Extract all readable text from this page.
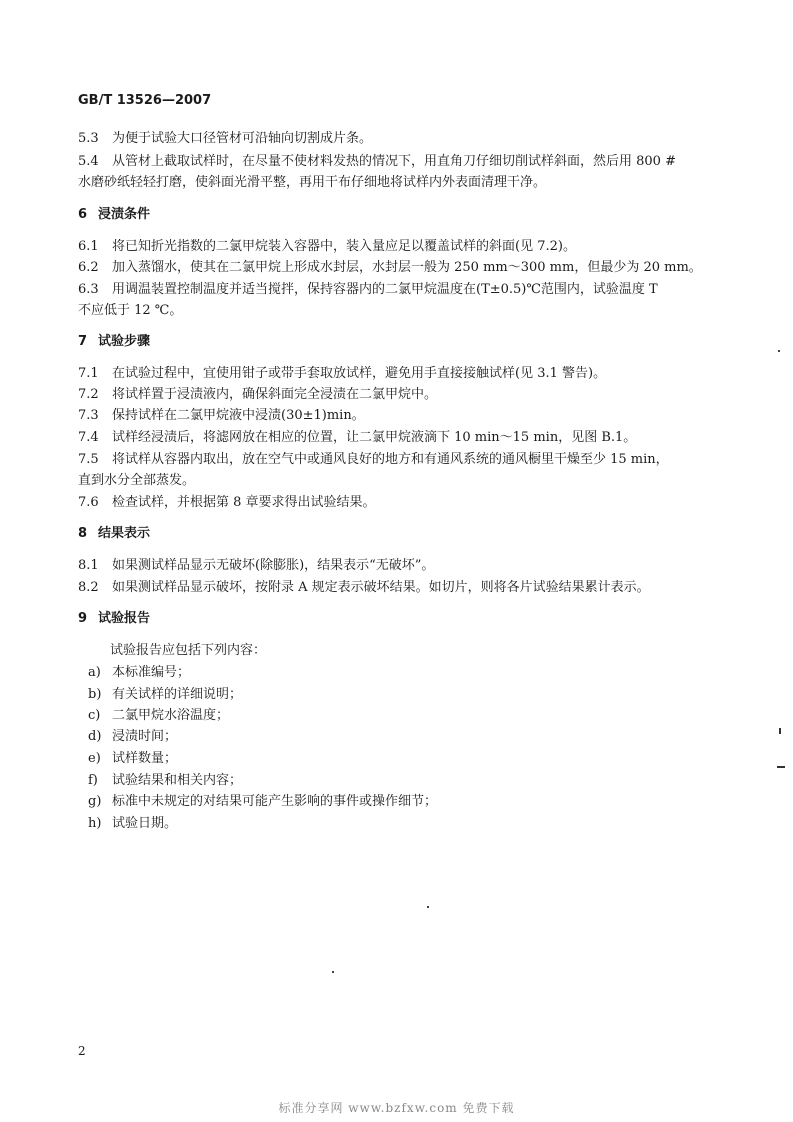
GB/T 13526—2007
5.3 为便于试验大口径管材可沿轴向切割成片条。
5.4 从管材上截取试样时，在尽量不使材料发热的情况下，用直角刀仔细切削试样斜面，然后用 800 #
水磨砂纸轻轻打磨，使斜面光滑平整，再用干布仔细地将试样内外表面清理干净。
6 浸渍条件
6.1 将已知折光指数的二氯甲烷装入容器中，装入量应足以覆盖试样的斜面(见 7.2)。
6.2 加入蒸馏水，使其在二氯甲烷上形成水封层，水封层一般为 250 mm～300 mm，但最少为 20 mm。
6.3 用调温装置控制温度并适当搅拌，保持容器内的二氯甲烷温度在(T±0.5)℃范围内，试验温度 T
不应低于 12 ℃。
7 试验步骤
7.1 在试验过程中，宜使用钳子或带手套取放试样，避免用手直接接触试样(见 3.1 警告)。
7.2 将试样置于浸渍液内，确保斜面完全浸渍在二氯甲烷中。
7.3 保持试样在二氯甲烷液中浸渍(30±1)min。
7.4 试样经浸渍后，将滤网放在相应的位置，让二氯甲烷液滴下 10 min～15 min，见图 B.1。
7.5 将试样从容器内取出，放在空气中或通风良好的地方和有通风系统的通风橱里干燥至少 15 min，
直到水分全部蒸发。
7.6 检查试样，并根据第 8 章要求得出试验结果。
8 结果表示
8.1 如果测试样品显示无破坏(除膨胀)，结果表示“无破坏”。
8.2 如果测试样品显示破坏，按附录 A 规定表示破坏结果。如切片，则将各片试验结果累计表示。
9 试验报告
试验报告应包括下列内容：
a) 本标准编号；
b) 有关试样的详细说明；
c) 二氯甲烷水浴温度；
d) 浸渍时间；
e) 试样数量；
f) 试验结果和相关内容；
g) 标准中未规定的对结果可能产生影响的事件或操作细节；
h) 试验日期。
2
标准分享网 www.bzfxw.com 免费下载
